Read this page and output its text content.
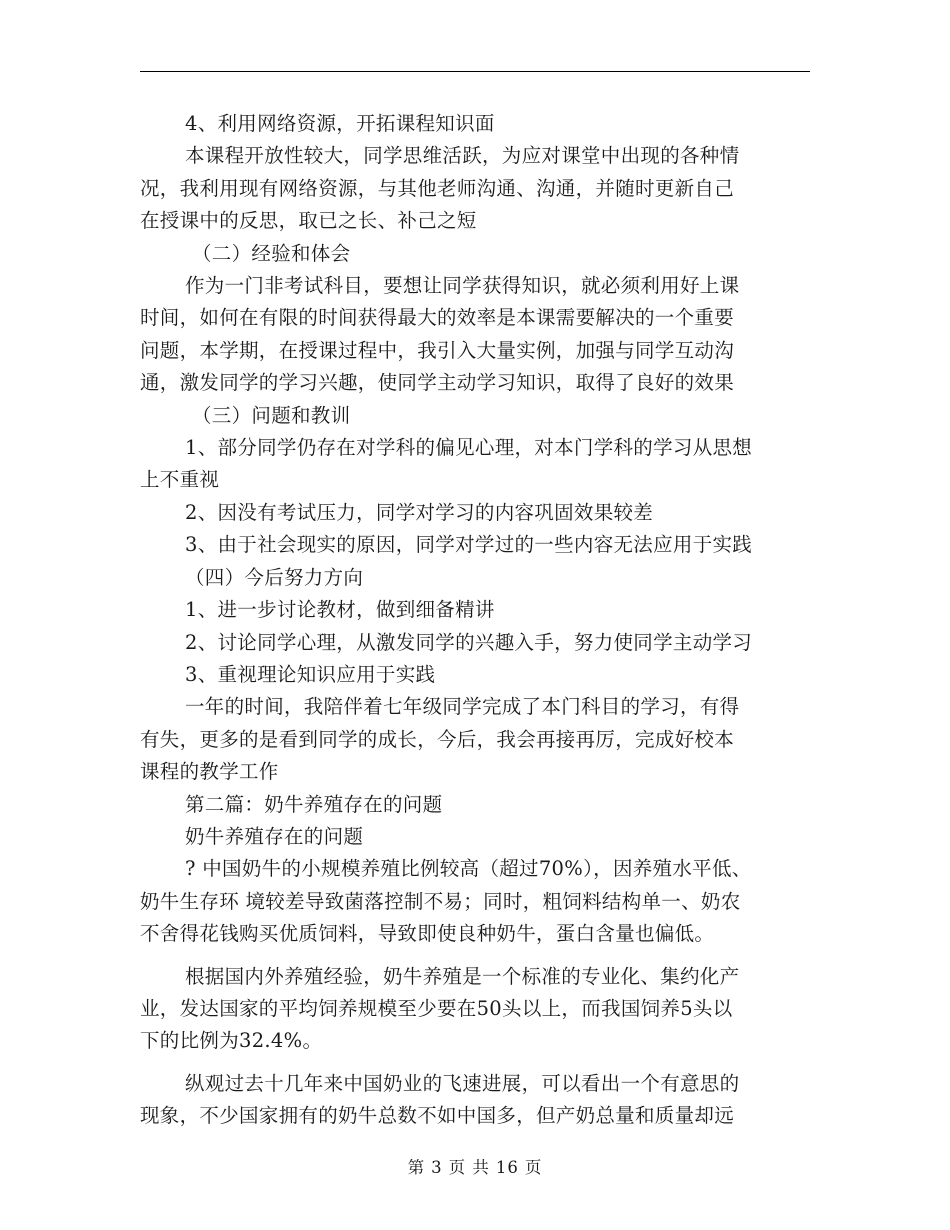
4、利用网络资源，开拓课程知识面
本课程开放性较大，同学思维活跃，为应对课堂中出现的各种情
况，我利用现有网络资源，与其他老师沟通、沟通，并随时更新自己
在授课中的反思，取已之长、补己之短
（二）经验和体会
作为一门非考试科目，要想让同学获得知识，就必须利用好上课
时间，如何在有限的时间获得最大的效率是本课需要解决的一个重要
问题，本学期，在授课过程中，我引入大量实例，加强与同学互动沟
通，激发同学的学习兴趣，使同学主动学习知识，取得了良好的效果
（三）问题和教训
1、部分同学仍存在对学科的偏见心理，对本门学科的学习从思想
上不重视
2、因没有考试压力，同学对学习的内容巩固效果较差
3、由于社会现实的原因，同学对学过的一些内容无法应用于实践
（四）今后努力方向
1、进一步讨论教材，做到细备精讲
2、讨论同学心理，从激发同学的兴趣入手，努力使同学主动学习
3、重视理论知识应用于实践
一年的时间，我陪伴着七年级同学完成了本门科目的学习，有得
有失，更多的是看到同学的成长，今后，我会再接再厉，完成好校本
课程的教学工作
第二篇：奶牛养殖存在的问题
奶牛养殖存在的问题
? 中国奶牛的小规模养殖比例较高（超过70%），因养殖水平低、
奶牛生存环 境较差导致菌落控制不易；同时，粗饲料结构单一、奶农
不舍得花钱购买优质饲料，导致即使良种奶牛，蛋白含量也偏低。
根据国内外养殖经验，奶牛养殖是一个标准的专业化、集约化产
业，发达国家的平均饲养规模至少要在50头以上，而我国饲养5头以
下的比例为32.4%。
纵观过去十几年来中国奶业的飞速进展，可以看出一个有意思的
现象，不少国家拥有的奶牛总数不如中国多，但产奶总量和质量却远
第 3 页 共 16 页
